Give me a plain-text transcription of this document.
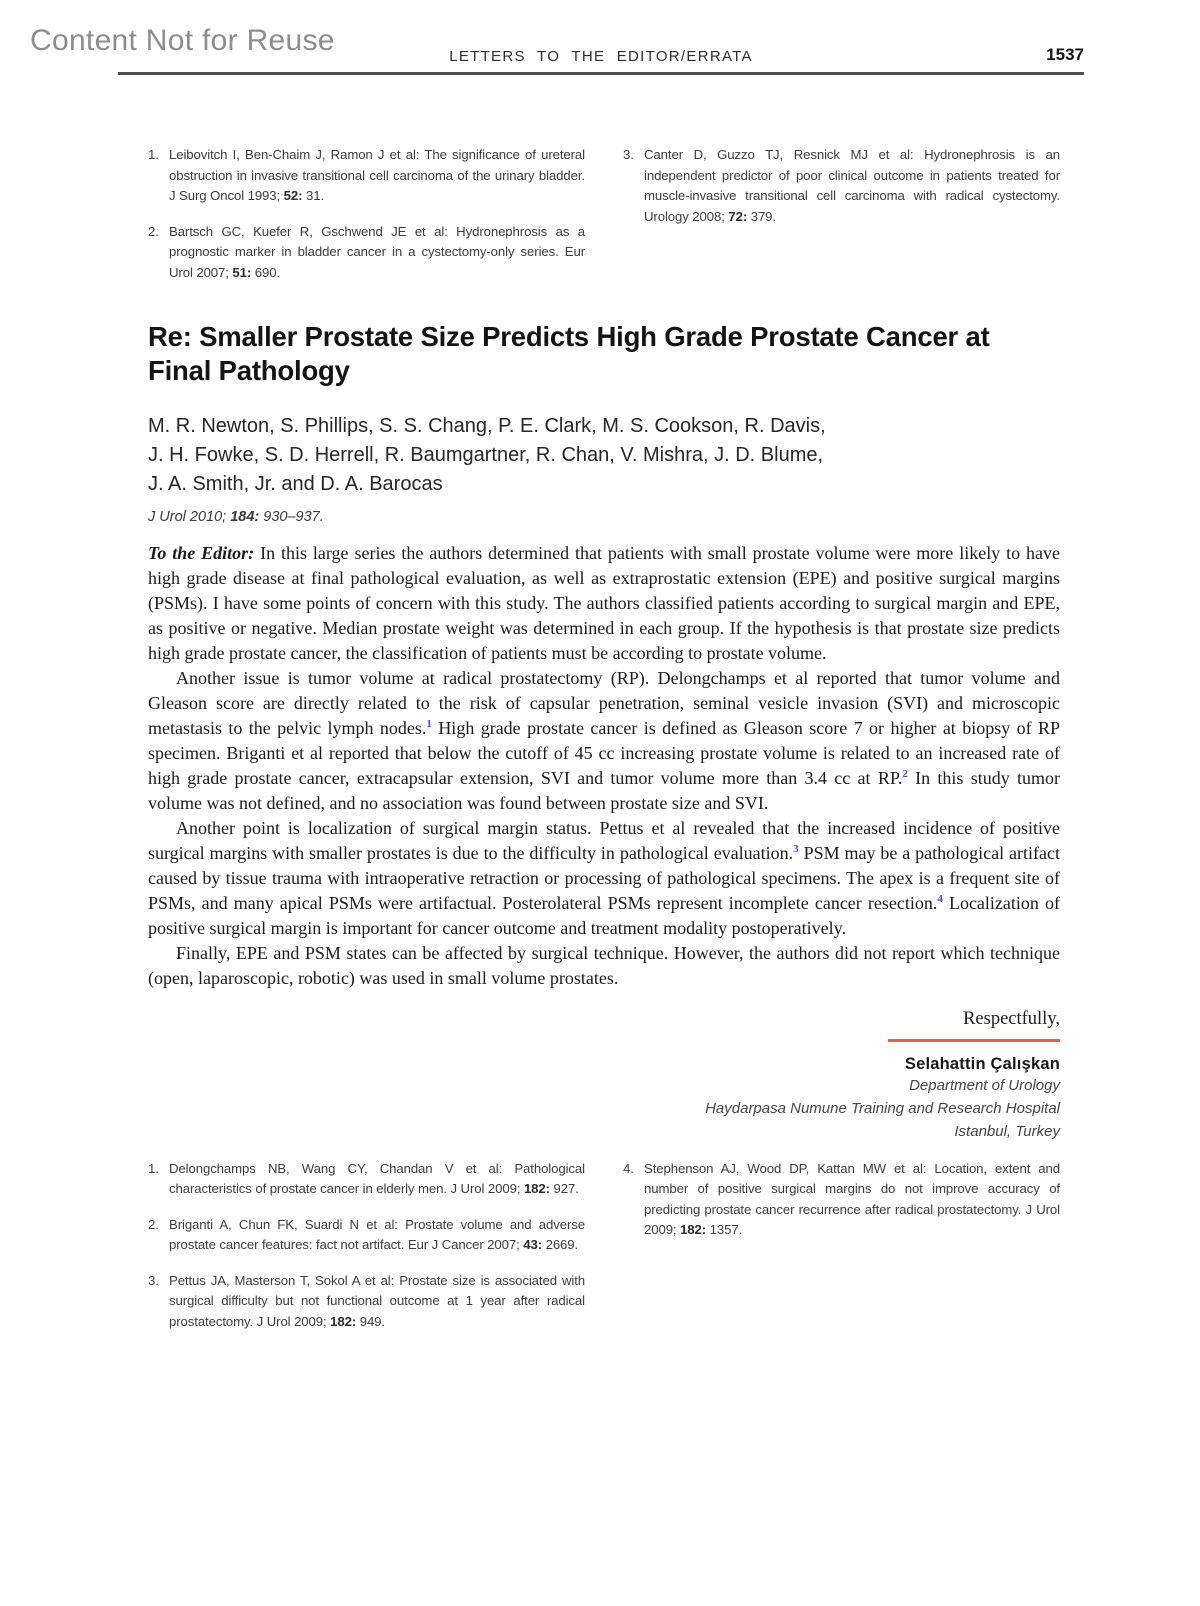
Content Not for Reuse	LETTERS TO THE EDITOR/ERRATA	1537
1. Leibovitch I, Ben-Chaim J, Ramon J et al: The significance of ureteral obstruction in invasive transitional cell carcinoma of the urinary bladder. J Surg Oncol 1993; 52: 31.
2. Bartsch GC, Kuefer R, Gschwend JE et al: Hydronephrosis as a prognostic marker in bladder cancer in a cystectomy-only series. Eur Urol 2007; 51: 690.
3. Canter D, Guzzo TJ, Resnick MJ et al: Hydronephrosis is an independent predictor of poor clinical outcome in patients treated for muscle-invasive transitional cell carcinoma with radical cystectomy. Urology 2008; 72: 379.
Re: Smaller Prostate Size Predicts High Grade Prostate Cancer at Final Pathology
M. R. Newton, S. Phillips, S. S. Chang, P. E. Clark, M. S. Cookson, R. Davis,
J. H. Fowke, S. D. Herrell, R. Baumgartner, R. Chan, V. Mishra, J. D. Blume,
J. A. Smith, Jr. and D. A. Barocas
J Urol 2010; 184: 930–937.

To the Editor: In this large series the authors determined that patients with small prostate volume were more likely to have high grade disease at final pathological evaluation, as well as extraprostatic extension (EPE) and positive surgical margins (PSMs). I have some points of concern with this study. The authors classified patients according to surgical margin and EPE, as positive or negative. Median prostate weight was determined in each group. If the hypothesis is that prostate size predicts high grade prostate cancer, the classification of patients must be according to prostate volume.

Another issue is tumor volume at radical prostatectomy (RP). Delongchamps et al reported that tumor volume and Gleason score are directly related to the risk of capsular penetration, seminal vesicle invasion (SVI) and microscopic metastasis to the pelvic lymph nodes.$^1$ High grade prostate cancer is defined as Gleason score 7 or higher at biopsy of RP specimen. Briganti et al reported that below the cutoff of 45 cc increasing prostate volume is related to an increased rate of high grade prostate cancer, extracapsular extension, SVI and tumor volume more than 3.4 cc at RP.$^2$ In this study tumor volume was not defined, and no association was found between prostate size and SVI.

Another point is localization of surgical margin status. Pettus et al revealed that the increased incidence of positive surgical margins with smaller prostates is due to the difficulty in pathological evaluation.$^3$ PSM may be a pathological artifact caused by tissue trauma with intraoperative retraction or processing of pathological specimens. The apex is a frequent site of PSMs, and many apical PSMs were artifactual. Posterolateral PSMs represent incomplete cancer resection.$^4$ Localization of positive surgical margin is important for cancer outcome and treatment modality postoperatively.

Finally, EPE and PSM states can be affected by surgical technique. However, the authors did not report which technique (open, laparoscopic, robotic) was used in small volume prostates.

Respectfully,
Selahattin Çalışkan
Department of Urology
Haydarpasa Numune Training and Research Hospital
Istanbul, Turkey
1. Delongchamps NB, Wang CY, Chandan V et al: Pathological characteristics of prostate cancer in elderly men. J Urol 2009; 182: 927.
2. Briganti A, Chun FK, Suardi N et al: Prostate volume and adverse prostate cancer features: fact not artifact. Eur J Cancer 2007; 43: 2669.
3. Pettus JA, Masterson T, Sokol A et al: Prostate size is associated with surgical difficulty but not functional outcome at 1 year after radical prostatectomy. J Urol 2009; 182: 949.
4. Stephenson AJ, Wood DP, Kattan MW et al: Location, extent and number of positive surgical margins do not improve accuracy of predicting prostate cancer recurrence after radical prostatectomy. J Urol 2009; 182: 1357.
